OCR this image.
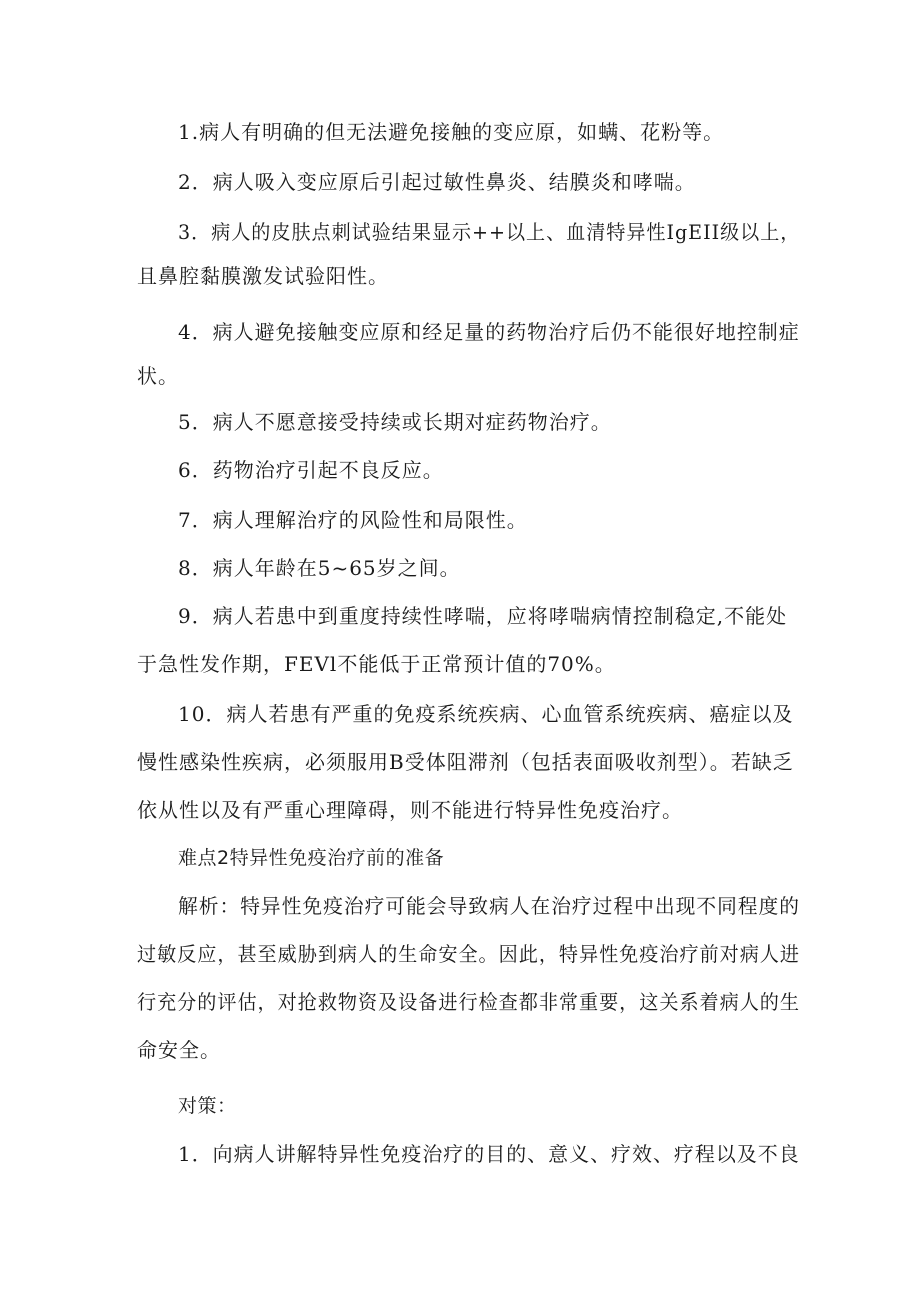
1.病人有明确的但无法避免接触的变应原，如螨、花粉等。
2．病人吸入变应原后引起过敏性鼻炎、结膜炎和哮喘。
3．病人的皮肤点刺试验结果显示++以上、血清特异性IgEII级以上，
且鼻腔黏膜激发试验阳性。
4．病人避免接触变应原和经足量的药物治疗后仍不能很好地控制症
状。
5．病人不愿意接受持续或长期对症药物治疗。
6．药物治疗引起不良反应。
7．病人理解治疗的风险性和局限性。
8．病人年龄在5~65岁之间。
9．病人若患中到重度持续性哮喘，应将哮喘病情控制稳定,不能处
于急性发作期，FEVl不能低于正常预计值的70%。
10．病人若患有严重的免疫系统疾病、心血管系统疾病、癌症以及
慢性感染性疾病，必须服用B受体阻滞剂（包括表面吸收剂型）。若缺乏
依从性以及有严重心理障碍，则不能进行特异性免疫治疗。
难点2特异性免疫治疗前的准备
解析：特异性免疫治疗可能会导致病人在治疗过程中出现不同程度的
过敏反应，甚至威胁到病人的生命安全。因此，特异性免疫治疗前对病人进
行充分的评估，对抢救物资及设备进行检查都非常重要，这关系着病人的生
命安全。
对策：
1．向病人讲解特异性免疫治疗的目的、意义、疗效、疗程以及不良
